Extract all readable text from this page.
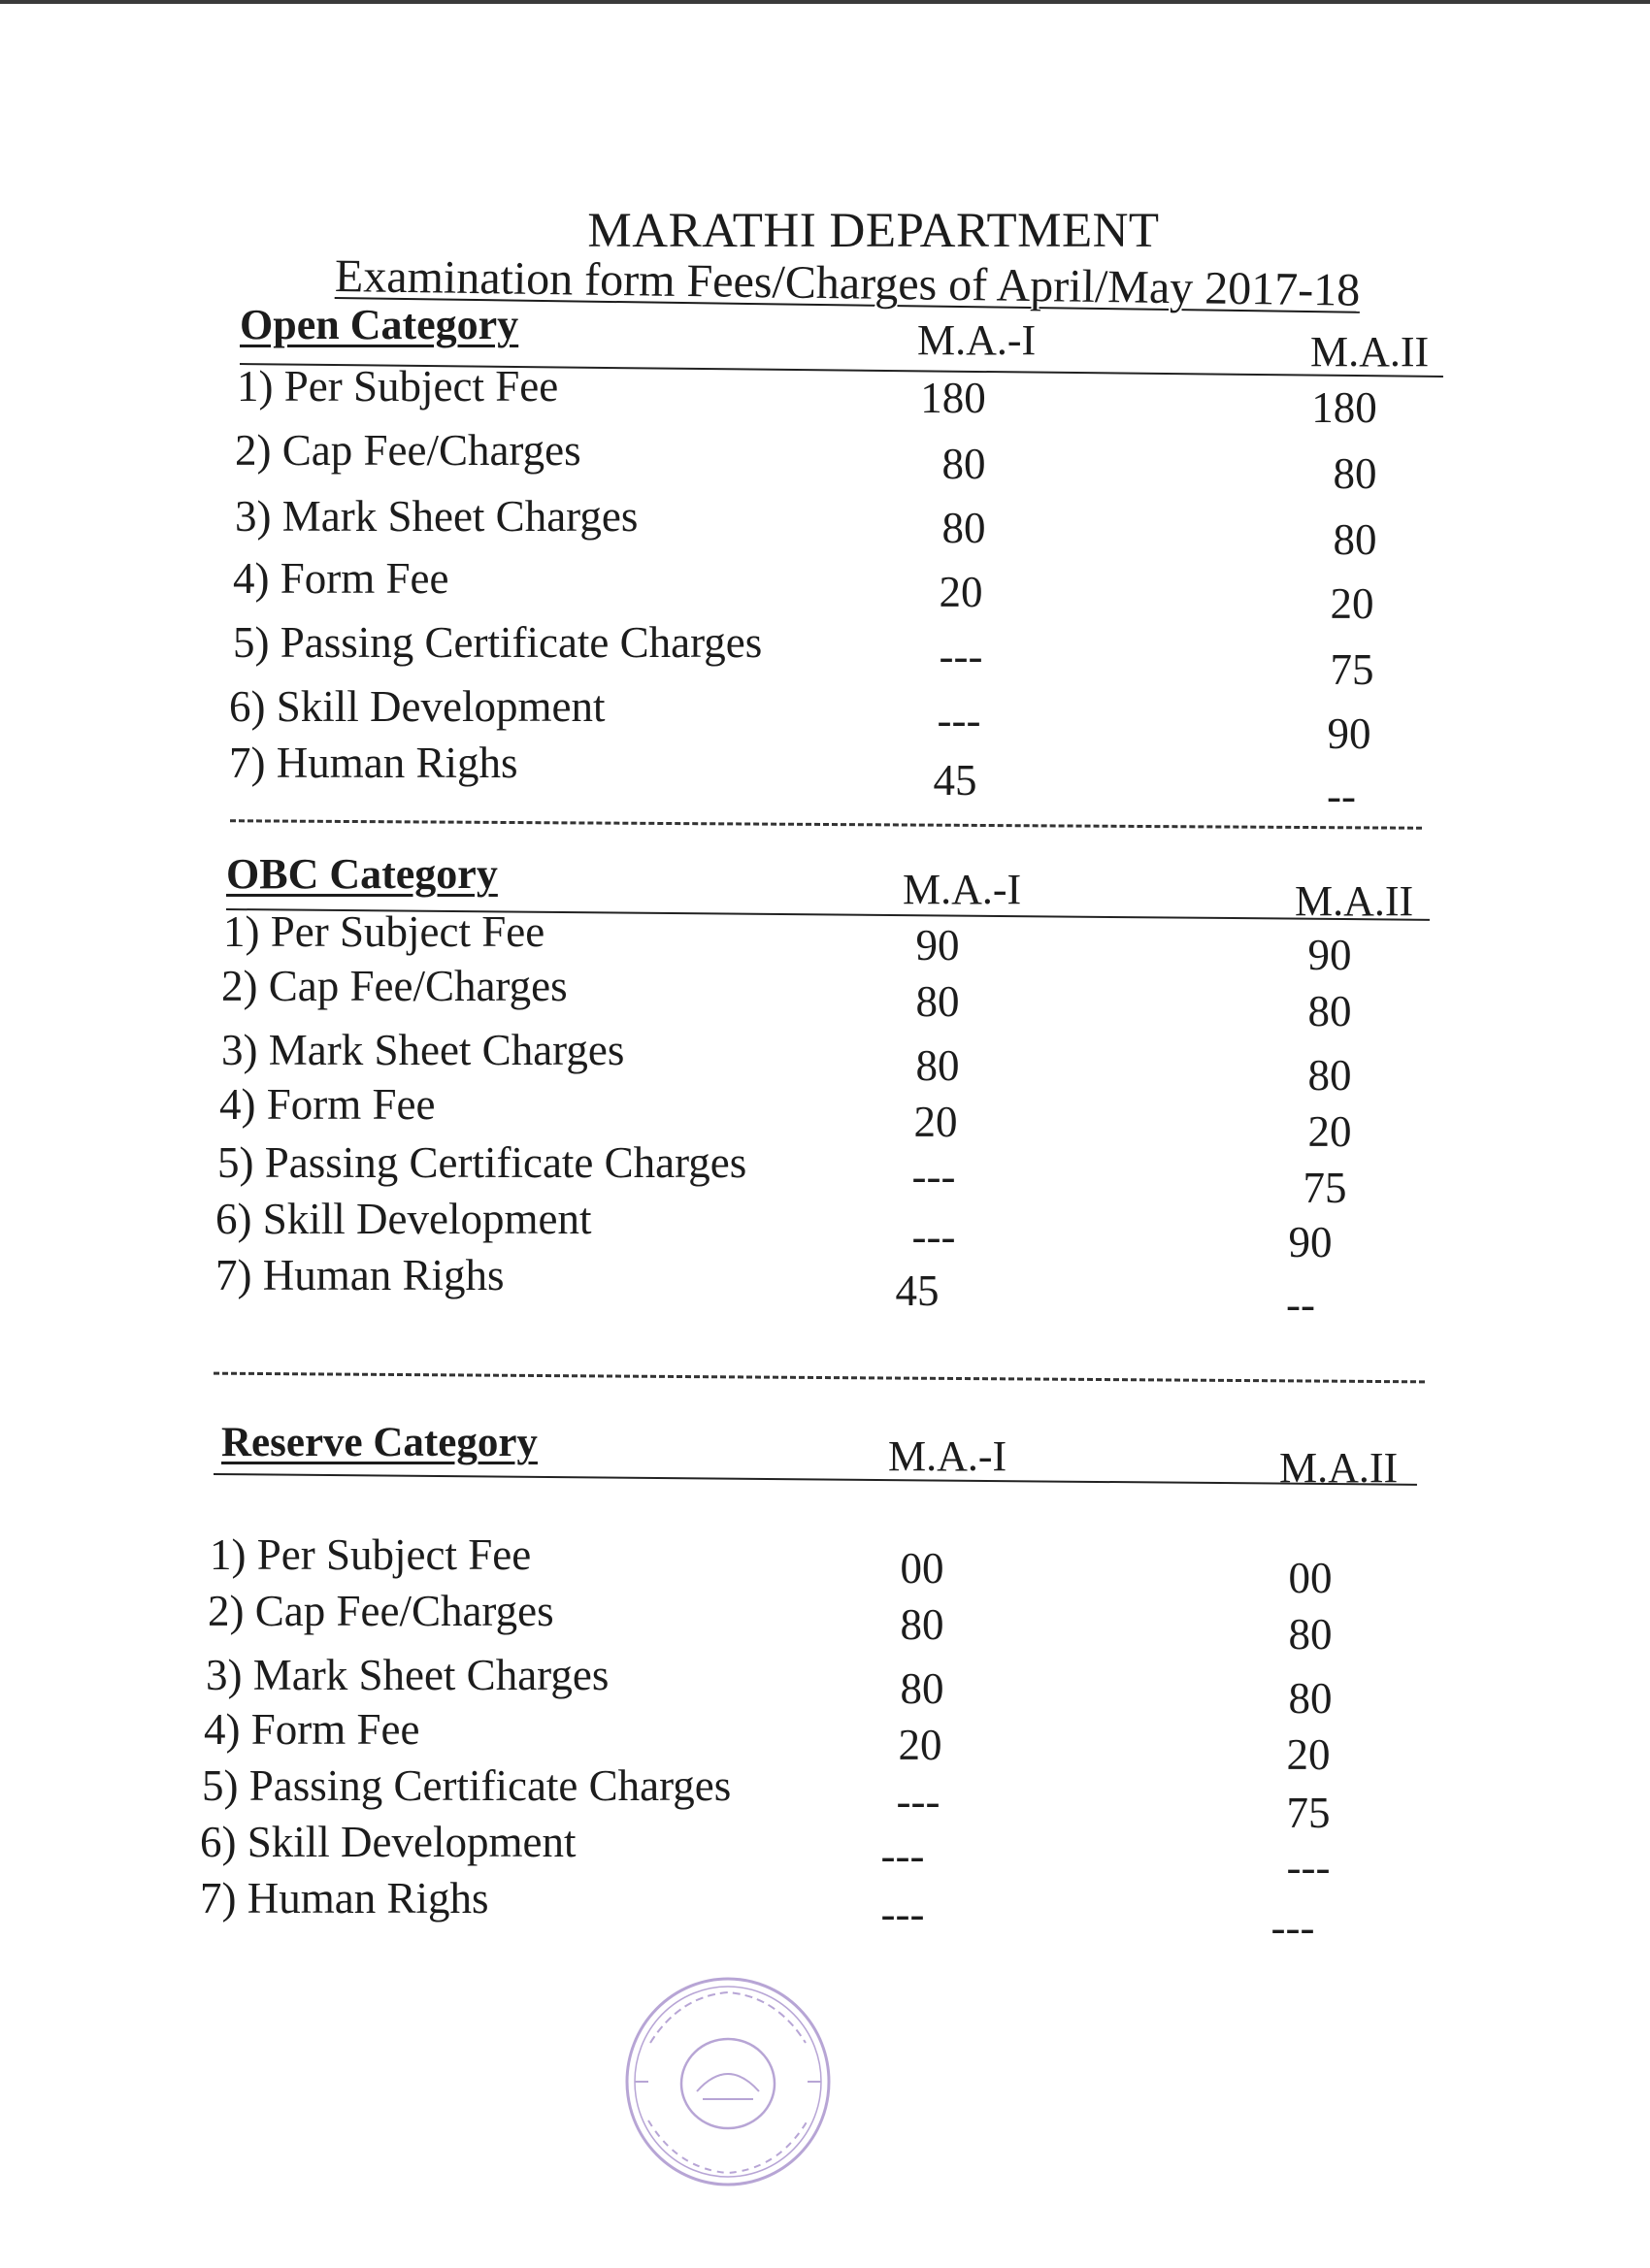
MARATHI DEPARTMENT
Examination form Fees/Charges of April/May 2017-18
Open Category	M.A.-I	M.A.II
1) Per Subject Fee	180	180
2) Cap Fee/Charges	80	80
3) Mark Sheet Charges	80	80
4) Form Fee	20	20
5) Passing Certificate Charges	---	75
6) Skill Development	---	90
7) Human Righs	45	--
OBC Category	M.A.-I	M.A.II
1) Per Subject Fee	90	90
2) Cap Fee/Charges	80	80
3) Mark Sheet Charges	80	80
4) Form Fee	20	20
5) Passing Certificate Charges	---	75
6) Skill Development	---	90
7) Human Righs	45	--
Reserve Category	M.A.-I	M.A.II
1) Per Subject Fee	00	00
2) Cap Fee/Charges	80	80
3) Mark Sheet Charges	80	80
4) Form Fee	20	20
5) Passing Certificate Charges	---	75
6) Skill Development	---	---
7) Human Righs	---	---
